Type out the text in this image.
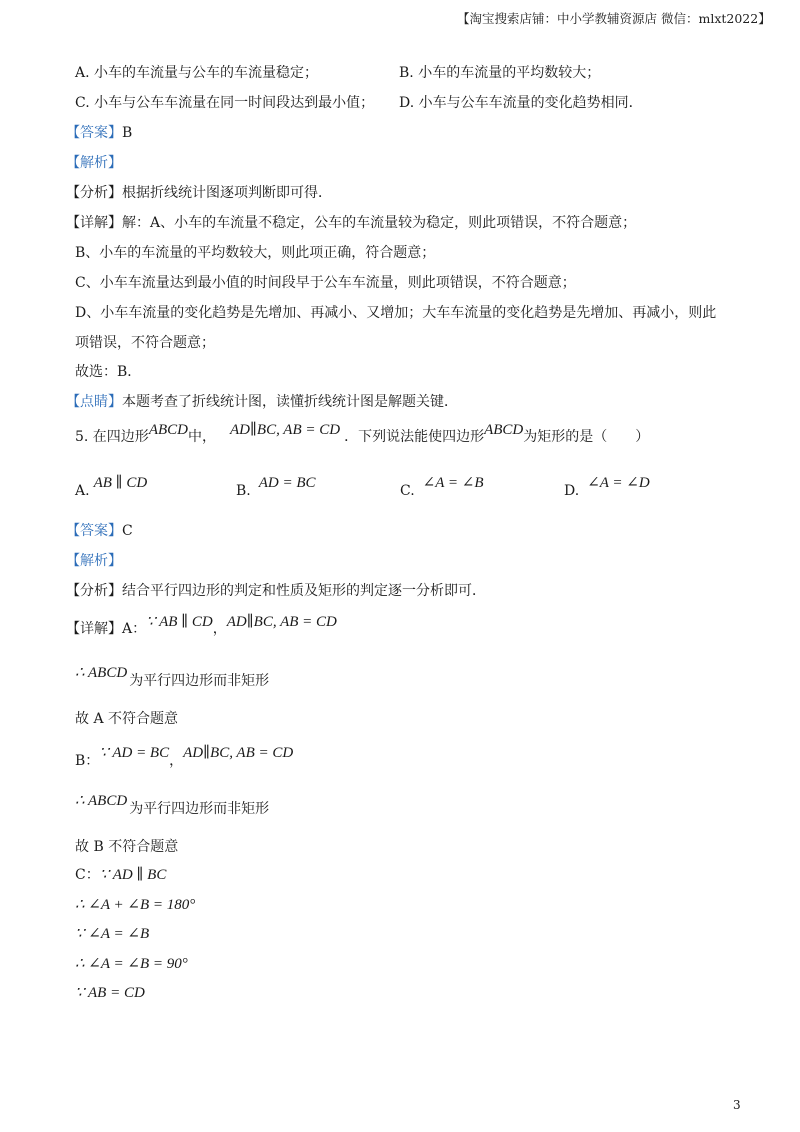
【淘宝搜索店铺：中小学教辅资源店 微信：mlxt2022】
A. 小车的车流量与公车的车流量稳定；	B. 小车的车流量的平均数较大；
C. 小车与公车车流量在同一时间段达到最小值； D. 小车与公车车流量的变化趋势相同．
【答案】B
【解析】
【分析】根据折线统计图逐项判断即可得．
【详解】解：A、小车的车流量不稳定，公车的车流量较为稳定，则此项错误，不符合题意；
B、小车的车流量的平均数较大，则此项正确，符合题意；
C、小车车流量达到最小值的时间段早于公车车流量，则此项错误，不符合题意；
D、小车车流量的变化趋势是先增加、再减小、又增加；大车车流量的变化趋势是先增加、再减小，则此
项错误，不符合题意；
故选：B．
【点睛】本题考查了折线统计图，读懂折线统计图是解题关键．
5. 在四边形ABCD中， AD∥BC, AB = CD ．下列说法能使四边形ABCD为矩形的是（　　）
A. AB ∥ CD	B. AD = BC	C. ∠A = ∠B	D. ∠A = ∠D
【答案】C
【解析】
【分析】结合平行四边形的判定和性质及矩形的判定逐一分析即可．
【详解】A：∵ AB ∥ CD，AD∥BC, AB = CD
∴ ABCD 为平行四边形而非矩形
故 A 不符合题意
B：∵ AD = BC，AD∥BC, AB = CD
∴ ABCD 为平行四边形而非矩形
故 B 不符合题意
C：∵ AD ∥ BC
∴ ∠A + ∠B = 180°
∵ ∠A = ∠B
∴ ∠A = ∠B = 90°
∵ AB = CD
3
